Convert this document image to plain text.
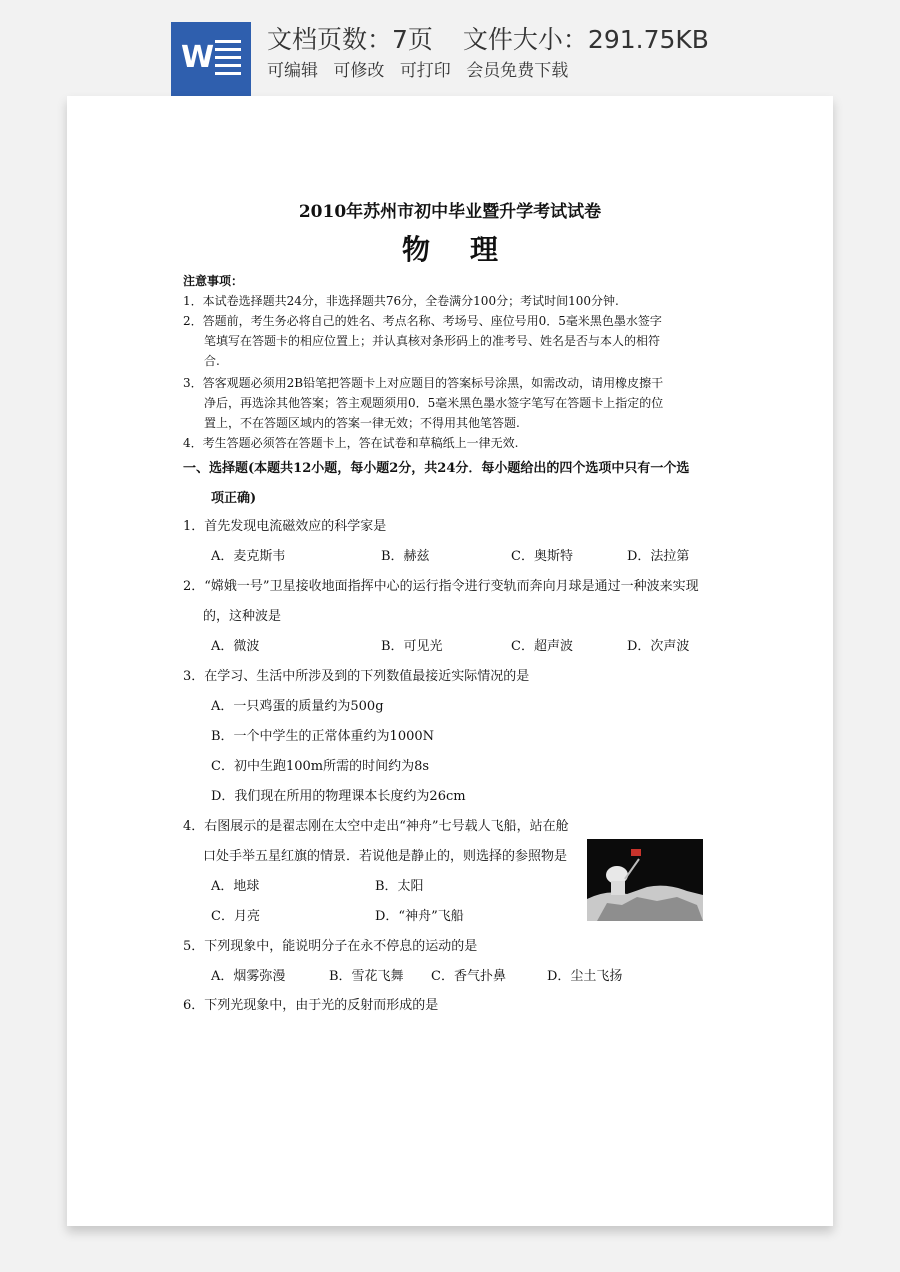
W
文档页数：7页 文件大小：291.75KB
可编辑 可修改 可打印 会员免费下载
2010年苏州市初中毕业暨升学考试试卷
物理
注意事项：
1．本试卷选择题共24分，非选择题共76分，全卷满分100分；考试时间100分钟.
2．答题前，考生务必将自己的姓名、考点名称、考场号、座位号用0．5毫米黑色墨水签字
笔填写在答题卡的相应位置上；并认真核对条形码上的准考号、姓名是否与本人的相符
合.
3．答客观题必须用2B铅笔把答题卡上对应题目的答案标号涂黑，如需改动，请用橡皮擦干
净后，再选涂其他答案；答主观题须用0．5毫米黑色墨水签字笔写在答题卡上指定的位
置上，不在答题区域内的答案一律无效；不得用其他笔答题.
4．考生答题必须答在答题卡上，答在试卷和草稿纸上一律无效.
一、选择题(本题共12小题，每小题2分，共24分．每小题给出的四个选项中只有一个选
项正确)
1．首先发现电流磁效应的科学家是
A．麦克斯韦	B．赫兹	C．奥斯特	D．法拉第
2．“嫦娥一号”卫星接收地面指挥中心的运行指令进行变轨而奔向月球是通过一种波来实现
的，这种波是
A．微波	B．可见光	C．超声波	D．次声波
3．在学习、生活中所涉及到的下列数值最接近实际情况的是
A．一只鸡蛋的质量约为500g
B．一个中学生的正常体重约为1000N
C．初中生跑100m所需的时间约为8s
D．我们现在所用的物理课本长度约为26cm
4．右图展示的是翟志刚在太空中走出“神舟”七号载人飞船，站在舱
口处手举五星红旗的情景．若说他是静止的，则选择的参照物是
A．地球	B．太阳
C．月亮	D．“神舟”飞船
5．下列现象中，能说明分子在永不停息的运动的是
A．烟雾弥漫	B．雪花飞舞 C．香气扑鼻	D．尘土飞扬
6．下列光现象中，由于光的反射而形成的是
